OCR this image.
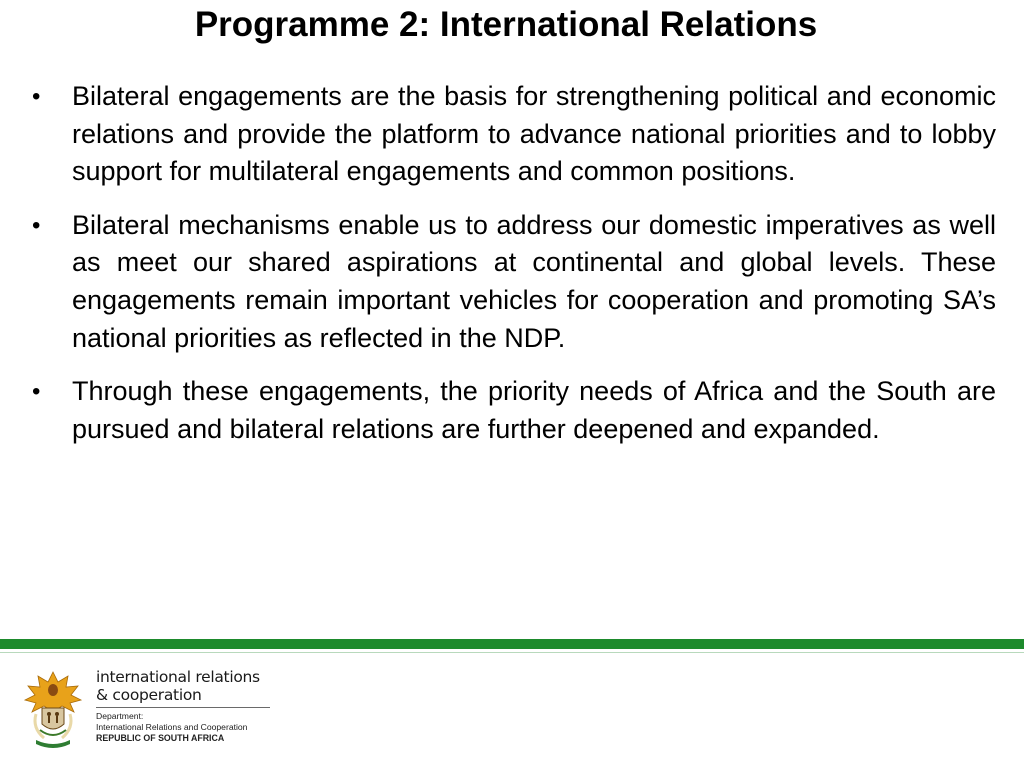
Programme 2: International Relations
•	Bilateral engagements are the basis for strengthening political and economic relations and provide the platform to advance national priorities and to lobby support for multilateral engagements and common positions.
•	Bilateral mechanisms enable us to address our domestic imperatives as well as meet our shared aspirations at continental and global levels. These engagements remain important vehicles for cooperation and promoting SA’s national priorities as reflected in the NDP.
•	Through these engagements, the priority needs of Africa and the South are pursued and bilateral relations are further deepened and expanded.
international relations
& cooperation
Department:
International Relations and Cooperation
REPUBLIC OF SOUTH AFRICA
